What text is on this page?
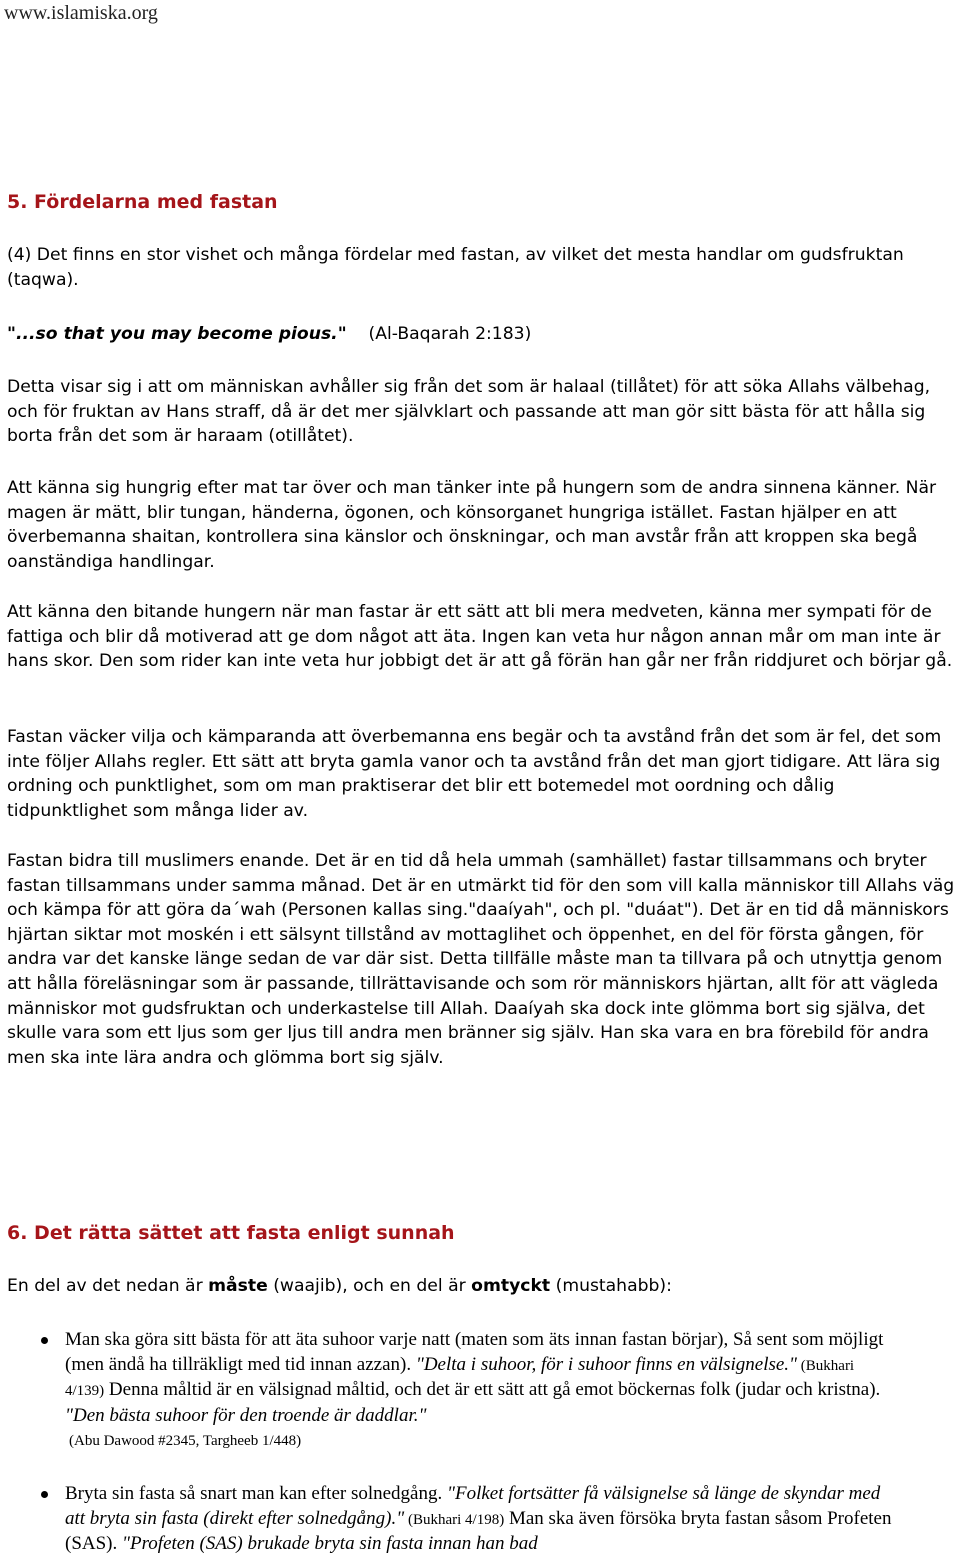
www.islamiska.org
5. Fördelarna med fastan

(4) Det finns en stor vishet och många fördelar med fastan, av vilket det mesta handlar om gudsfruktan (taqwa).

"...so that you may become pious." (Al-Baqarah 2:183)

Detta visar sig i att om människan avhåller sig från det som är halaal (tillåtet) för att söka Allahs välbehag, och för fruktan av Hans straff, då är det mer självklart och passande att man gör sitt bästa för att hålla sig borta från det som är haraam (otillåtet).

Att känna sig hungrig efter mat tar över och man tänker inte på hungern som de andra sinnena känner. När magen är mätt, blir tungan, händerna, ögonen, och könsorganet hungriga istället. Fastan hjälper en att överbemanna shaitan, kontrollera sina känslor och önskningar, och man avstår från att kroppen ska begå oanständiga handlingar.

Att känna den bitande hungern när man fastar är ett sätt att bli mera medveten, känna mer sympati för de fattiga och blir då motiverad att ge dom något att äta. Ingen kan veta hur någon annan mår om man inte är hans skor. Den som rider kan inte veta hur jobbigt det är att gå förän han går ner från riddjuret och börjar gå.

Fastan väcker vilja och kämparanda att överbemanna ens begär och ta avstånd från det som är fel, det som inte följer Allahs regler. Ett sätt att bryta gamla vanor och ta avstånd från det man gjort tidigare. Att lära sig ordning och punktlighet, som om man praktiserar det blir ett botemedel mot oordning och dålig tidpunktlighet som många lider av.

Fastan bidra till muslimers enande. Det är en tid då hela ummah (samhället) fastar tillsammans och bryter fastan tillsammans under samma månad. Det är en utmärkt tid för den som vill kalla människor till Allahs väg och kämpa för att göra da´wah (Personen kallas sing."daaíyah", och pl. "duáat"). Det är en tid då människors hjärtan siktar mot moskén i ett sälsynt tillstånd av mottaglihet och öppenhet, en del för första gången, för andra var det kanske länge sedan de var där sist. Detta tillfälle måste man ta tillvara på och utnyttja genom att hålla föreläsningar som är passande, tillrättavisande och som rör människors hjärtan, allt för att vägleda människor mot gudsfruktan och underkastelse till Allah. Daaíyah ska dock inte glömma bort sig själva, det skulle vara som ett ljus som ger ljus till andra men bränner sig själv. Han ska vara en bra förebild för andra men ska inte lära andra och glömma bort sig själv.

6. Det rätta sättet att fasta enligt sunnah

En del av det nedan är måste (waajib), och en del är omtyckt (mustahabb):

Man ska göra sitt bästa för att äta suhoor varje natt (maten som äts innan fastan börjar), Så sent som möjligt (men ändå ha tillräkligt med tid innan azzan). "Delta i suhoor, för i suhoor finns en välsignelse." (Bukhari 4/139) Denna måltid är en välsignad måltid, och det är ett sätt att gå emot böckernas folk (judar och kristna). "Den bästa suhoor för den troende är daddlar."
(Abu Dawood #2345, Targheeb 1/448)
Bryta sin fasta så snart man kan efter solnedgång. "Folket fortsätter få välsignelse så länge de skyndar med att bryta sin fasta (direkt efter solnedgång)." (Bukhari 4/198) Man ska även försöka bryta fastan såsom Profeten (SAS). "Profeten (SAS) brukade bryta sin fasta innan han bad
